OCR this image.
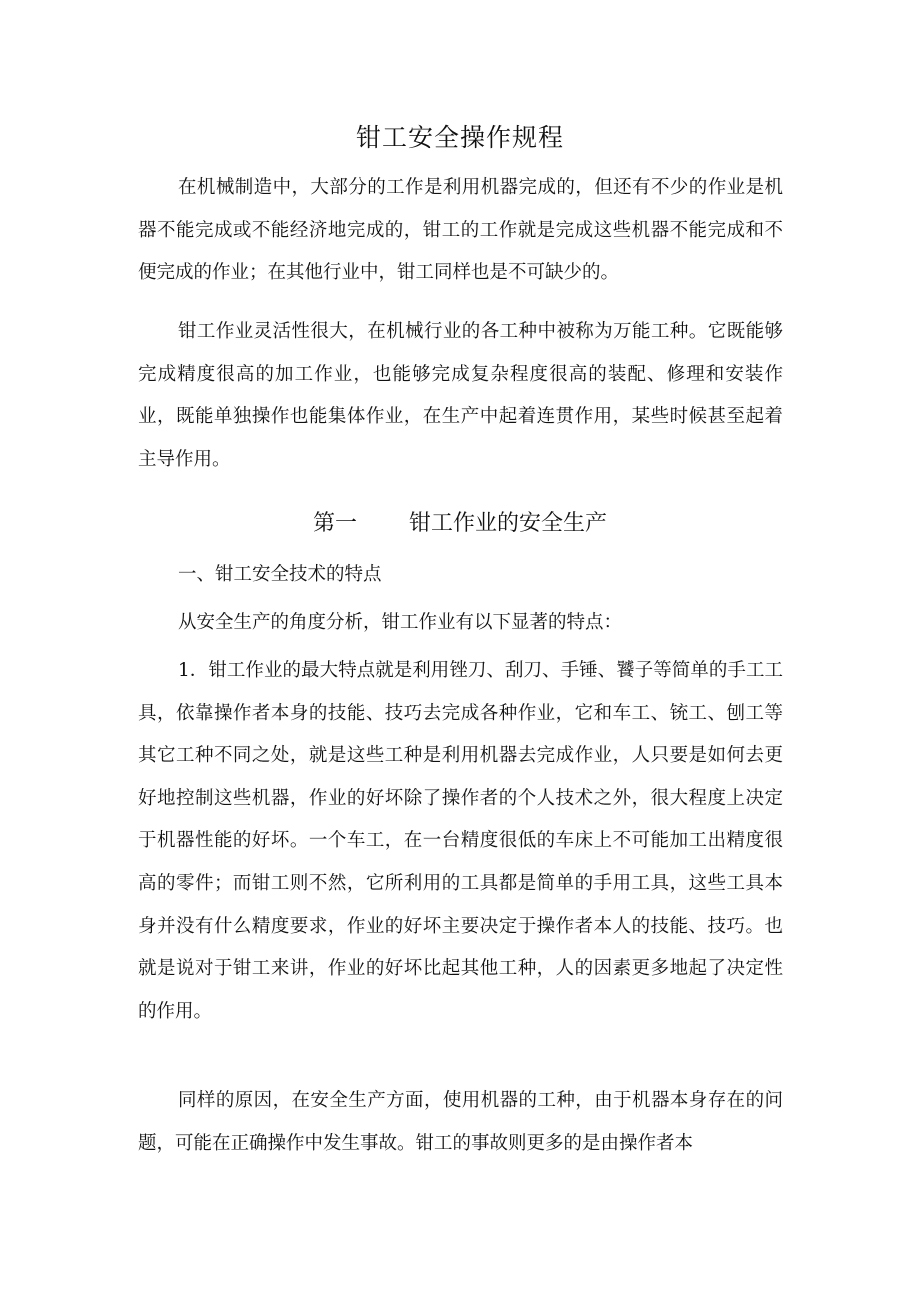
钳工安全操作规程

在机械制造中，大部分的工作是利用机器完成的，但还有不少的作业是机器不能完成或不能经济地完成的，钳工的工作就是完成这些机器不能完成和不便完成的作业；在其他行业中，钳工同样也是不可缺少的。

钳工作业灵活性很大，在机械行业的各工种中被称为万能工种。它既能够完成精度很高的加工作业，也能够完成复杂程度很高的装配、修理和安装作业，既能单独操作也能集体作业，在生产中起着连贯作用，某些时候甚至起着主导作用。

第一 钳工作业的安全生产

一、钳工安全技术的特点

从安全生产的角度分析，钳工作业有以下显著的特点：

1．钳工作业的最大特点就是利用锉刀、刮刀、手锤、饕子等简单的手工工具，依靠操作者本身的技能、技巧去完成各种作业，它和车工、铳工、刨工等其它工种不同之处，就是这些工种是利用机器去完成作业，人只要是如何去更好地控制这些机器，作业的好坏除了操作者的个人技术之外，很大程度上决定于机器性能的好坏。一个车工，在一台精度很低的车床上不可能加工出精度很高的零件；而钳工则不然，它所利用的工具都是简单的手用工具，这些工具本身并没有什么精度要求，作业的好坏主要决定于操作者本人的技能、技巧。也就是说对于钳工来讲，作业的好坏比起其他工种，人的因素更多地起了决定性的作用。

同样的原因，在安全生产方面，使用机器的工种，由于机器本身存在的问题，可能在正确操作中发生事故。钳工的事故则更多的是由操作者本
